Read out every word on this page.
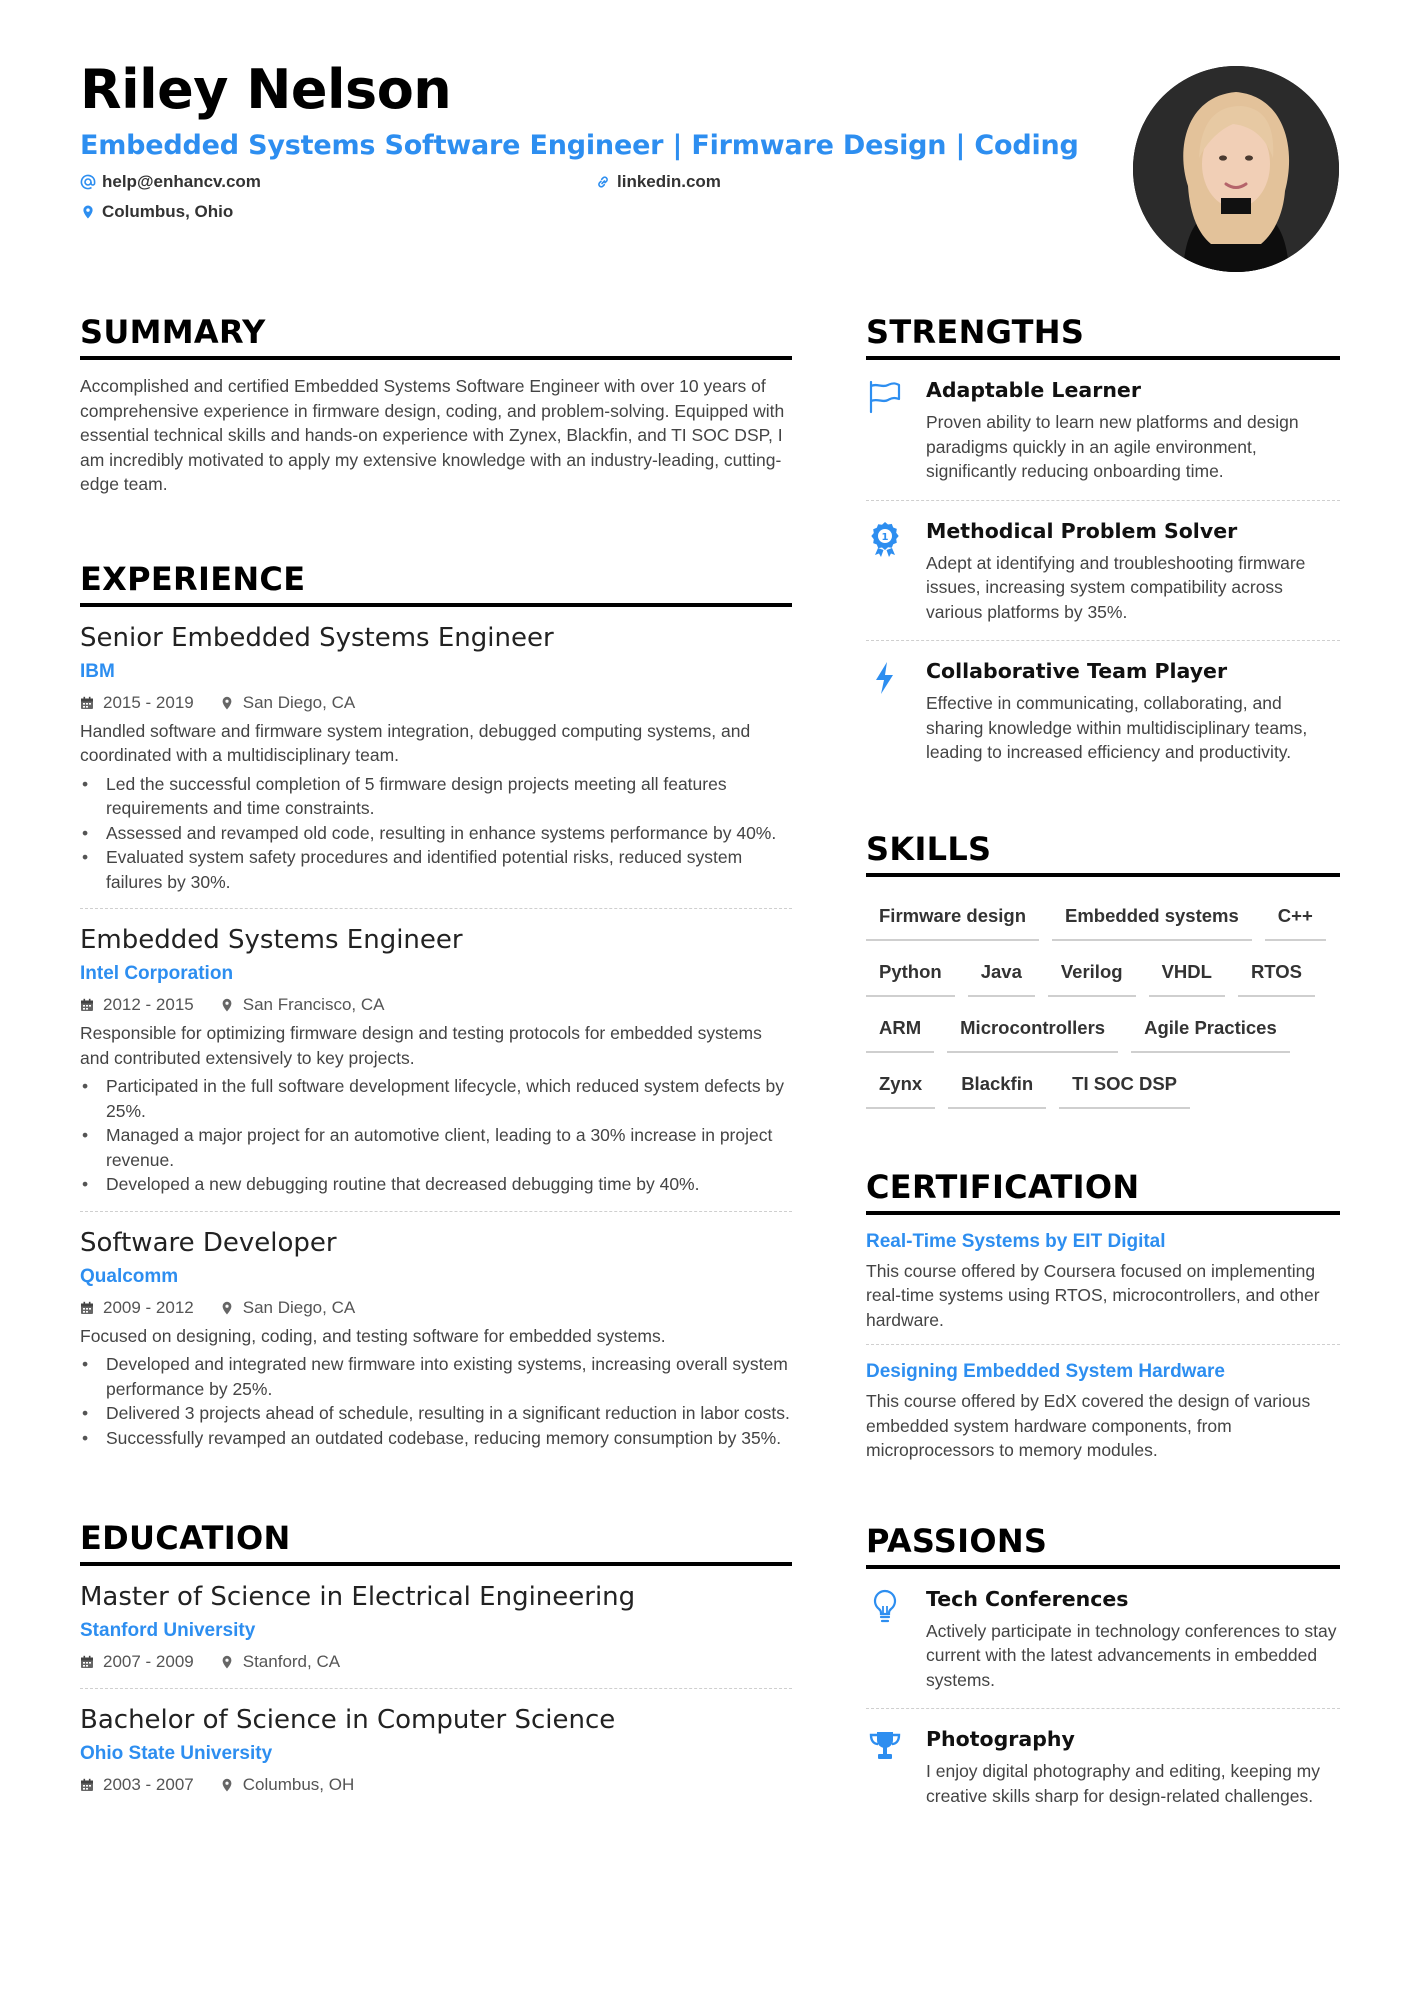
Riley Nelson
Embedded Systems Software Engineer | Firmware Design | Coding
help@enhancv.com	linkedin.com
Columbus, Ohio
SUMMARY

Accomplished and certified Embedded Systems Software Engineer with over 10 years of comprehensive experience in firmware design, coding, and problem-solving. Equipped with essential technical skills and hands-on experience with Zynex, Blackfin, and TI SOC DSP, I am incredibly motivated to apply my extensive knowledge with an industry-leading, cutting-edge team.

EXPERIENCE
Senior Embedded Systems Engineer
IBM
2015 - 2019	San Diego, CA

Handled software and firmware system integration, debugged computing systems, and coordinated with a multidisciplinary team.

• Led the successful completion of 5 firmware design projects meeting all features requirements and time constraints.
• Assessed and revamped old code, resulting in enhance systems performance by 40%.
• Evaluated system safety procedures and identified potential risks, reduced system failures by 30%.
Embedded Systems Engineer
Intel Corporation
2012 - 2015	San Francisco, CA

Responsible for optimizing firmware design and testing protocols for embedded systems and contributed extensively to key projects.

• Participated in the full software development lifecycle, which reduced system defects by 25%.
• Managed a major project for an automotive client, leading to a 30% increase in project revenue.
• Developed a new debugging routine that decreased debugging time by 40%.
Software Developer
Qualcomm
2009 - 2012	San Diego, CA

Focused on designing, coding, and testing software for embedded systems.

• Developed and integrated new firmware into existing systems, increasing overall system performance by 25%.
• Delivered 3 projects ahead of schedule, resulting in a significant reduction in labor costs.
• Successfully revamped an outdated codebase, reducing memory consumption by 35%.
EDUCATION
Master of Science in Electrical Engineering
Stanford University
2007 - 2009	Stanford, CA
Bachelor of Science in Computer Science
Ohio State University
2003 - 2007	Columbus, OH
STRENGTHS
Adaptable Learner

Proven ability to learn new platforms and design paradigms quickly in an agile environment, significantly reducing onboarding time.

1 Methodical Problem Solver

Adept at identifying and troubleshooting firmware issues, increasing system compatibility across various platforms by 35%.

Collaborative Team Player

Effective in communicating, collaborating, and sharing knowledge within multidisciplinary teams, leading to increased efficiency and productivity.

SKILLS
Firmware design	Embedded systems	C++
Python	Java	Verilog	VHDL	RTOS
ARM	Microcontrollers	Agile Practices
Zynx	Blackfin	TI SOC DSP
CERTIFICATION
Real-Time Systems by EIT Digital

This course offered by Coursera focused on implementing real-time systems using RTOS, microcontrollers, and other hardware.

Designing Embedded System Hardware

This course offered by EdX covered the design of various embedded system hardware components, from microprocessors to memory modules.

PASSIONS
Tech Conferences

Actively participate in technology conferences to stay current with the latest advancements in embedded systems.

Photography

I enjoy digital photography and editing, keeping my creative skills sharp for design-related challenges.
